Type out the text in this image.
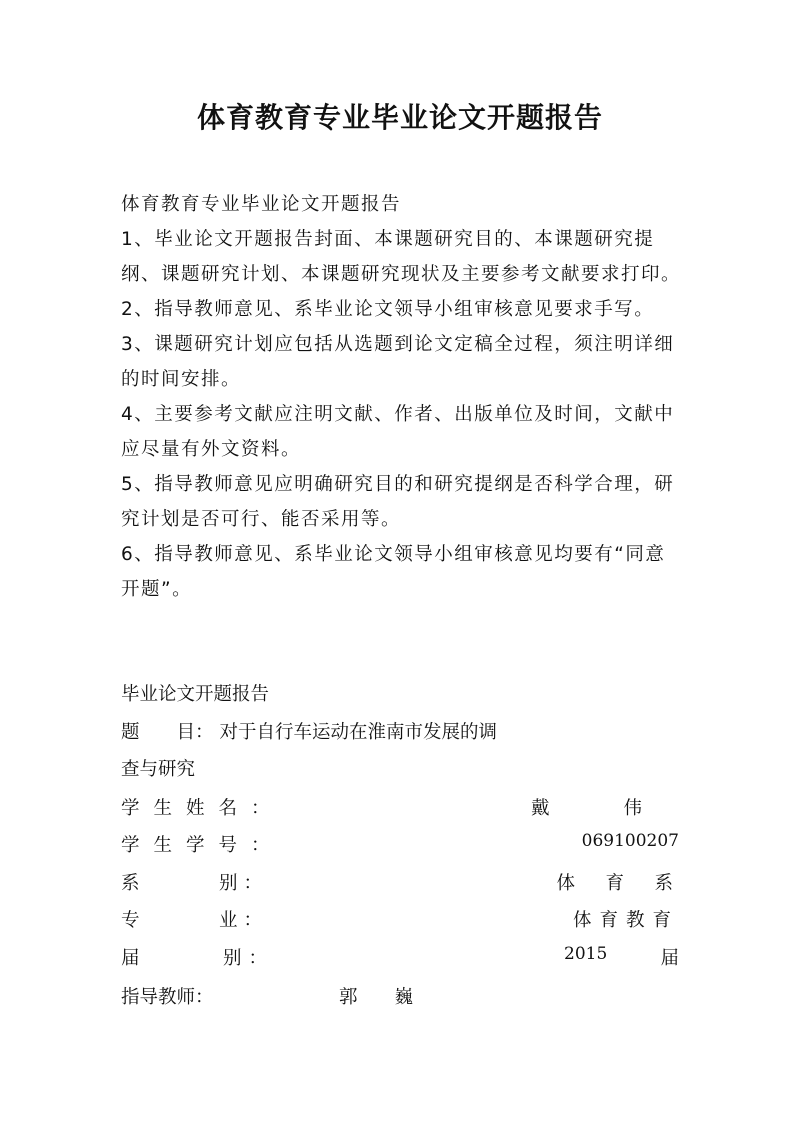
体育教育专业毕业论文开题报告

体育教育专业毕业论文开题报告

1、毕业论文开题报告封面、本课题研究目的、本课题研究提纲、课题研究计划、本课题研究现状及主要参考文献要求打印。

2、指导教师意见、系毕业论文领导小组审核意见要求手写。

3、课题研究计划应包括从选题到论文定稿全过程，须注明详细的时间安排。

4、主要参考文献应注明文献、作者、出版单位及时间，文献中应尽量有外文资料。

5、指导教师意见应明确研究目的和研究提纲是否科学合理，研究计划是否可行、能否采用等。

6、指导教师意见、系毕业论文领导小组审核意见均要有“同意开题”。

毕业论文开题报告
题　　目： 对于自行车运动在淮南市发展的调
查与研究
学生姓名：	戴　　　　伟
学生学号：	069100207
系　　　别：	体　育　系
专　　　业：	体育教育
届　　　别：	2015	届
指导教师：	郭　　巍
